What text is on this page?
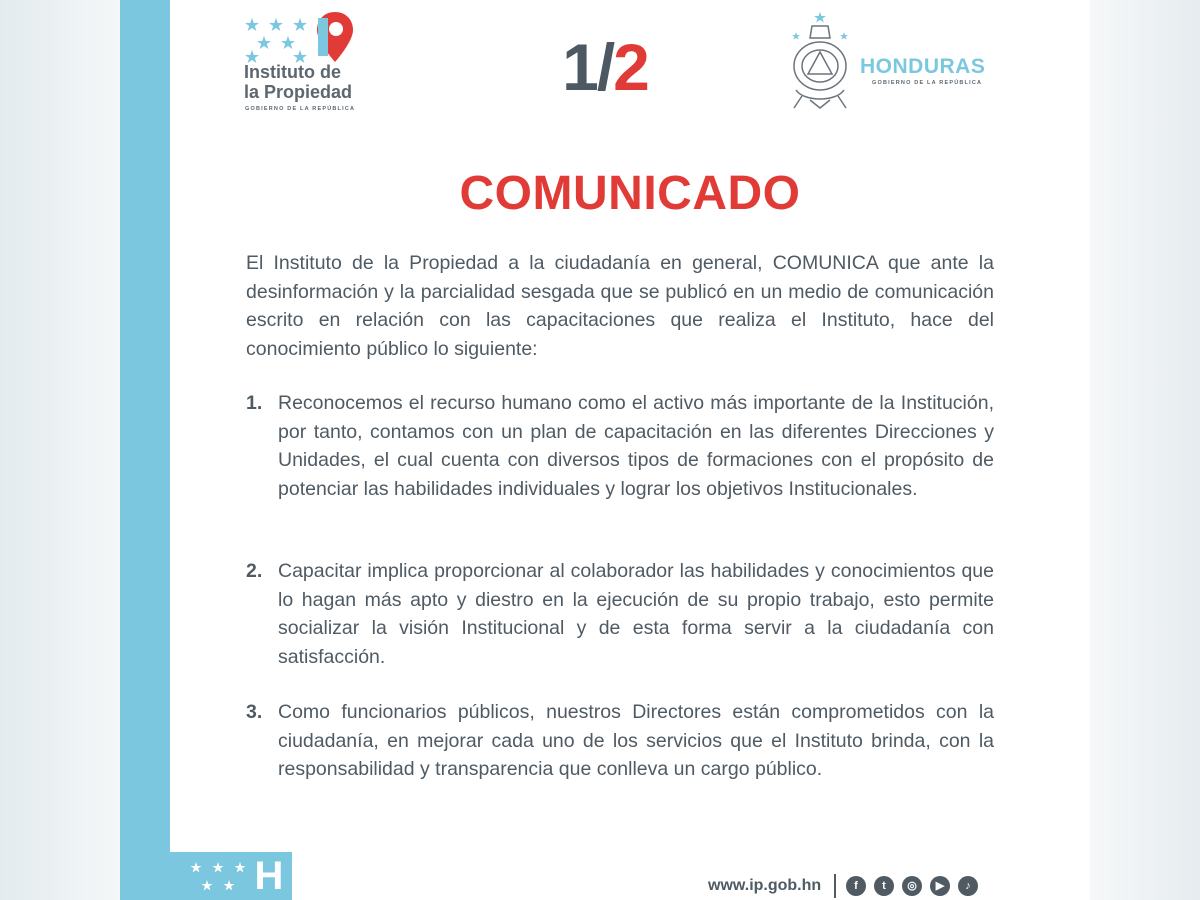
Instituto de
la Propiedad
GOBIERNO DE LA REPÚBLICA
1/2	HONDURAS
GOBIERNO DE LA REPÚBLICA
COMUNICADO
El Instituto de la Propiedad a la ciudadanía en general, COMUNICA que ante la desinformación y la parcialidad sesgada que se publicó en un medio de comunicación escrito en relación con las capacitaciones que realiza el Instituto, hace del conocimiento público lo siguiente:
1. Reconocemos el recurso humano como el activo más importante de la Institución, por tanto, contamos con un plan de capacitación en las diferentes Direcciones y Unidades, el cual cuenta con diversos tipos de formaciones con el propósito de potenciar las habilidades individuales y lograr los objetivos Institucionales.
2. Capacitar implica proporcionar al colaborador las habilidades y conocimientos que lo hagan más apto y diestro en la ejecución de su propio trabajo, esto permite socializar la visión Institucional y de esta forma servir a la ciudadanía con satisfacción.
3. Como funcionarios públicos, nuestros Directores están comprometidos con la ciudadanía, en mejorar cada uno de los servicios que el Instituto brinda, con la responsabilidad y transparencia que conlleva un cargo público.
H	www.ip.gob.hn	f	t	◎	▶	♪
